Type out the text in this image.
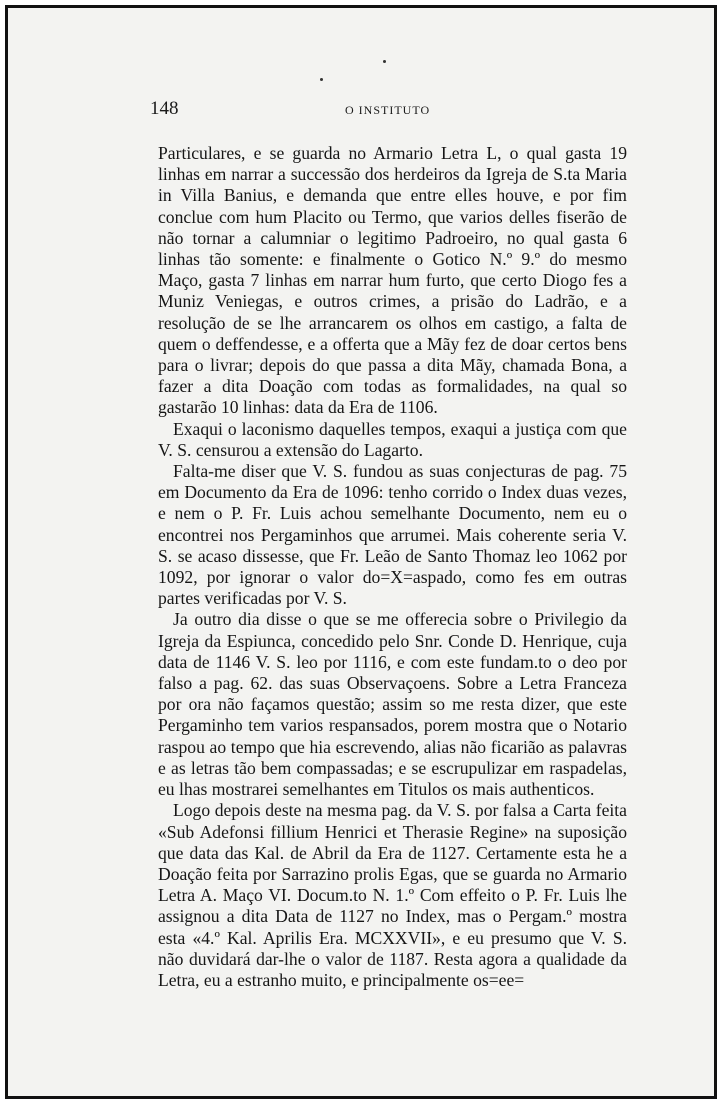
148	O INSTITUTO

Particulares, e se guarda no Armario Letra L, o qual gasta 19 linhas em narrar a successão dos herdeiros da Igreja de S.ta Maria in Villa Banius, e demanda que entre elles houve, e por fim conclue com hum Placito ou Termo, que varios delles fiserão de não tornar a calumniar o legitimo Padroeiro, no qual gasta 6 linhas tão somente: e finalmente o Gotico N.º 9.º do mesmo Maço, gasta 7 linhas em narrar hum furto, que certo Diogo fes a Muniz Veniegas, e outros crimes, a prisão do Ladrão, e a resolução de se lhe arrancarem os olhos em castigo, a falta de quem o deffendesse, e a offerta que a Mãy fez de doar certos bens para o livrar; depois do que passa a dita Mãy, chamada Bona, a fazer a dita Doação com todas as formalidades, na qual so gastarão 10 linhas: data da Era de 1106.

Exaqui o laconismo daquelles tempos, exaqui a justiça com que V. S. censurou a extensão do Lagarto.

Falta-me diser que V. S. fundou as suas conjecturas de pag. 75 em Documento da Era de 1096: tenho corrido o Index duas vezes, e nem o P. Fr. Luis achou semelhante Documento, nem eu o encontrei nos Pergaminhos que arrumei. Mais coherente seria V. S. se acaso dissesse, que Fr. Leão de Santo Thomaz leo 1062 por 1092, por ignorar o valor do=X=aspado, como fes em outras partes verificadas por V. S.

Ja outro dia disse o que se me offerecia sobre o Privilegio da Igreja da Espiunca, concedido pelo Snr. Conde D. Henrique, cuja data de 1146 V. S. leo por 1116, e com este fundam.to o deo por falso a pag. 62. das suas Observaçoens. Sobre a Letra Franceza por ora não façamos questão; assim so me resta dizer, que este Pergaminho tem varios respansados, porem mostra que o Notario raspou ao tempo que hia escrevendo, alias não ficarião as palavras e as letras tão bem compassadas; e se escrupulizar em raspadelas, eu lhas mostrarei semelhantes em Titulos os mais authenticos.

Logo depois deste na mesma pag. da V. S. por falsa a Carta feita «Sub Adefonsi fillium Henrici et Therasie Regine» na suposição que data das Kal. de Abril da Era de 1127. Certamente esta he a Doação feita por Sarrazino prolis Egas, que se guarda no Armario Letra A. Maço VI. Docum.to N. 1.º Com effeito o P. Fr. Luis lhe assignou a dita Data de 1127 no Index, mas o Pergam.º mostra esta «4.º Kal. Aprilis Era. MCXXVII», e eu presumo que V. S. não duvidará dar-lhe o valor de 1187. Resta agora a qualidade da Letra, eu a estranho muito, e principalmente os=ee=
